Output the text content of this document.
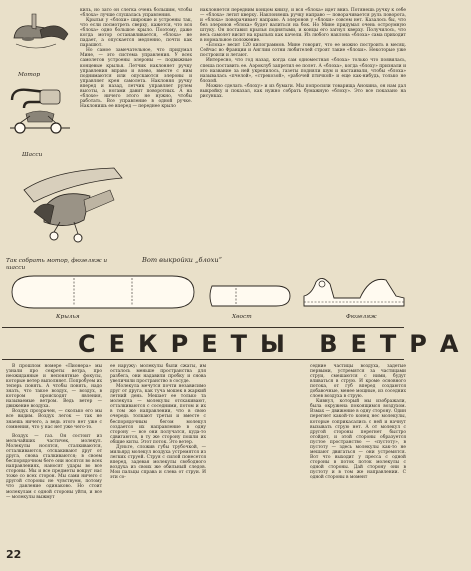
Мотор
Шасси

киль, но зато он слегка очень большим, чтобы «блоха» лучше слушалась управления.

Крылья у «блохи» широкие и устроены так, что если посмотреть сверху, кажется, что вся «блоха» одно большое крыло. Поэтому, даже когда мотор останавливается, «блоха» не падает, а опускается медленно, почти как парашют.

Но самое замечательное, что придумал Мине, — это система управления. У всех самолетов устроены элероны — подвижные концевые крылья. Летчик наклоняет ручку управления вправо и влево, вместе с ним поднимаются или опускаются элероны и управляет крен самолета. Наклоняя ручку вперед и назад, летчик управляет рулем высоты, а ногами давит поворотных. А на «блохе» ничего этого не нужно, чтобы работать. Все управление в одной ручке. Наклонишь ее вперед — переднее крыло

Так собрать мотор, фюзеляж и шасси

наклоняется передним концом книзу, и вся «блоха» идет вниз. Потянешь ручку к себе — «блоха» летит кверху. Наклоняешь ручку направо — поворачивается руль поворота, и «блоха» поворачивает направо. А элеронов у «блохи» совсем нет. Казалось бы, что без элеронов «блоха» будет валиться на бок. Но Мине придумал очень остроумную штуку. Он поставил крылья поднятыми, и концы его загнул кверху. Получилось, что весь самолет висит на крыльях как качели. Из любого наклона «блоха» сама приходит в нормальное положение.

«Блоха» весит 120 килограммов. Мине говорит, что ее можно построить в месяц. Сейчас во Франции и Англии сотни любителей строят такие «блохи». Некоторые уже построили и летают.

Интересно, что год назад, когда сам одноместная «блоха» только что появилась, спеша поставить ее. Аэроклуб запретил ее полет. А «блоха», когда «блоху» признали и это название за ней укрепилось, газеты подняли шум и настаивали, чтобы «блоха» называлась «пчелой», «стрекозой», «рабочей птичкой» и еще как-нибудь, только не блохой.

Можно сделать «блоху» и из бумаги. Мы попросили товарища Анохина, он нам дал выкройку и показал, как нужно собрать бумажную «блоху». Это все показано на рисунках.

Вот выкройки „блохи“
Крылья	Хвост	Фюзеляж
СЕКРЕТЫ ВЕТРА

В прошлом номере «Пионера» мы узнали про секреты ветра, про неожиданные и непонятные фокусы, которые ветер выполняет. Попробуем их теперь понять. А чтобы понять, надо знать, что такое воздух, — воздух, в котором происходят явления, называемые ветром. Ведь ветер — движение воздуха.

Воздух прозрачен, — сколько его мы все видим. Воздух легок — так не знаешь ничего, а ведь этого нет уже с сомнения, что у нас нет уже чего-то.

Воздух — газ. Он состоит из мельчайших частичек, молекул. Молекулы носятся, сталкиваются, отталкиваются, отскакивают друг от друга, снова сталкиваются; в своем беспорядочном беге они носятся во всех направлениях, наносят удары во все стороны. Мы и все предметы вокруг нас тоже со всех сторон. Мы сами ничего с другой стороны не чувствуем, потому что давление одинаково. Но стоит молекулам с одной стороны уйти, и все — молекулы выжмут

ее наружу: молекулы были сжаты, им осталось меньше пространства для разбега, они надавили пробку и снова увеличили пространство в сосуде.

Молекула мечутся почти независимо друг от друга, как туча мошек в жаркий летний день. Мешает ее только та молекула — молекулы отскакивают, отталкиваются с соседними, потом и их в том же направлении, что в свою очередь толкают третьи и вместе с беспорядочным бегом молекул создается их направление в одну сторону — все они получатся, куда-то сдвигаются, в ту же сторону пошли их общие киты. Этот поток. Это ветер.

Дуньте, сложив губы трубочкой, — мильярд молекул воздуха устремятся из легких струей. Струя с силой понесется вперед, задевая молекулы свободного воздуха из своих же обильный следов. Мои пальцы справа и слева от струи. И эти со-

седние частицы воздуха, задетые первыми, устремятся за частицами струи, смешаются с ними, будут вливаться в струю. И кроме основного потока, от губ вперед создаются добавочные, менее мощные, из соседних слоев воздуха в струю.

Кивнул, который мы изображали, была окружена покоящимся воздухом. Взмах — движение в одну сторону. Один перегнет какой-то конец нес молекулы, которые соприкасались с ней и начнут вызывать струю нет. А от молекул с другой стороны перегнет быстро отойдет, и этой стороны образуется пустое пространство — «пустоту», в пустоту — здесь молекулы как-то не мешают двигаться — они устремятся. Вот что выходит у пресса с одной стороны в поток поток молекулы с одной стороны. Дай сторону они в пустоту и в том же направлении. С одной стороны в момент

22
